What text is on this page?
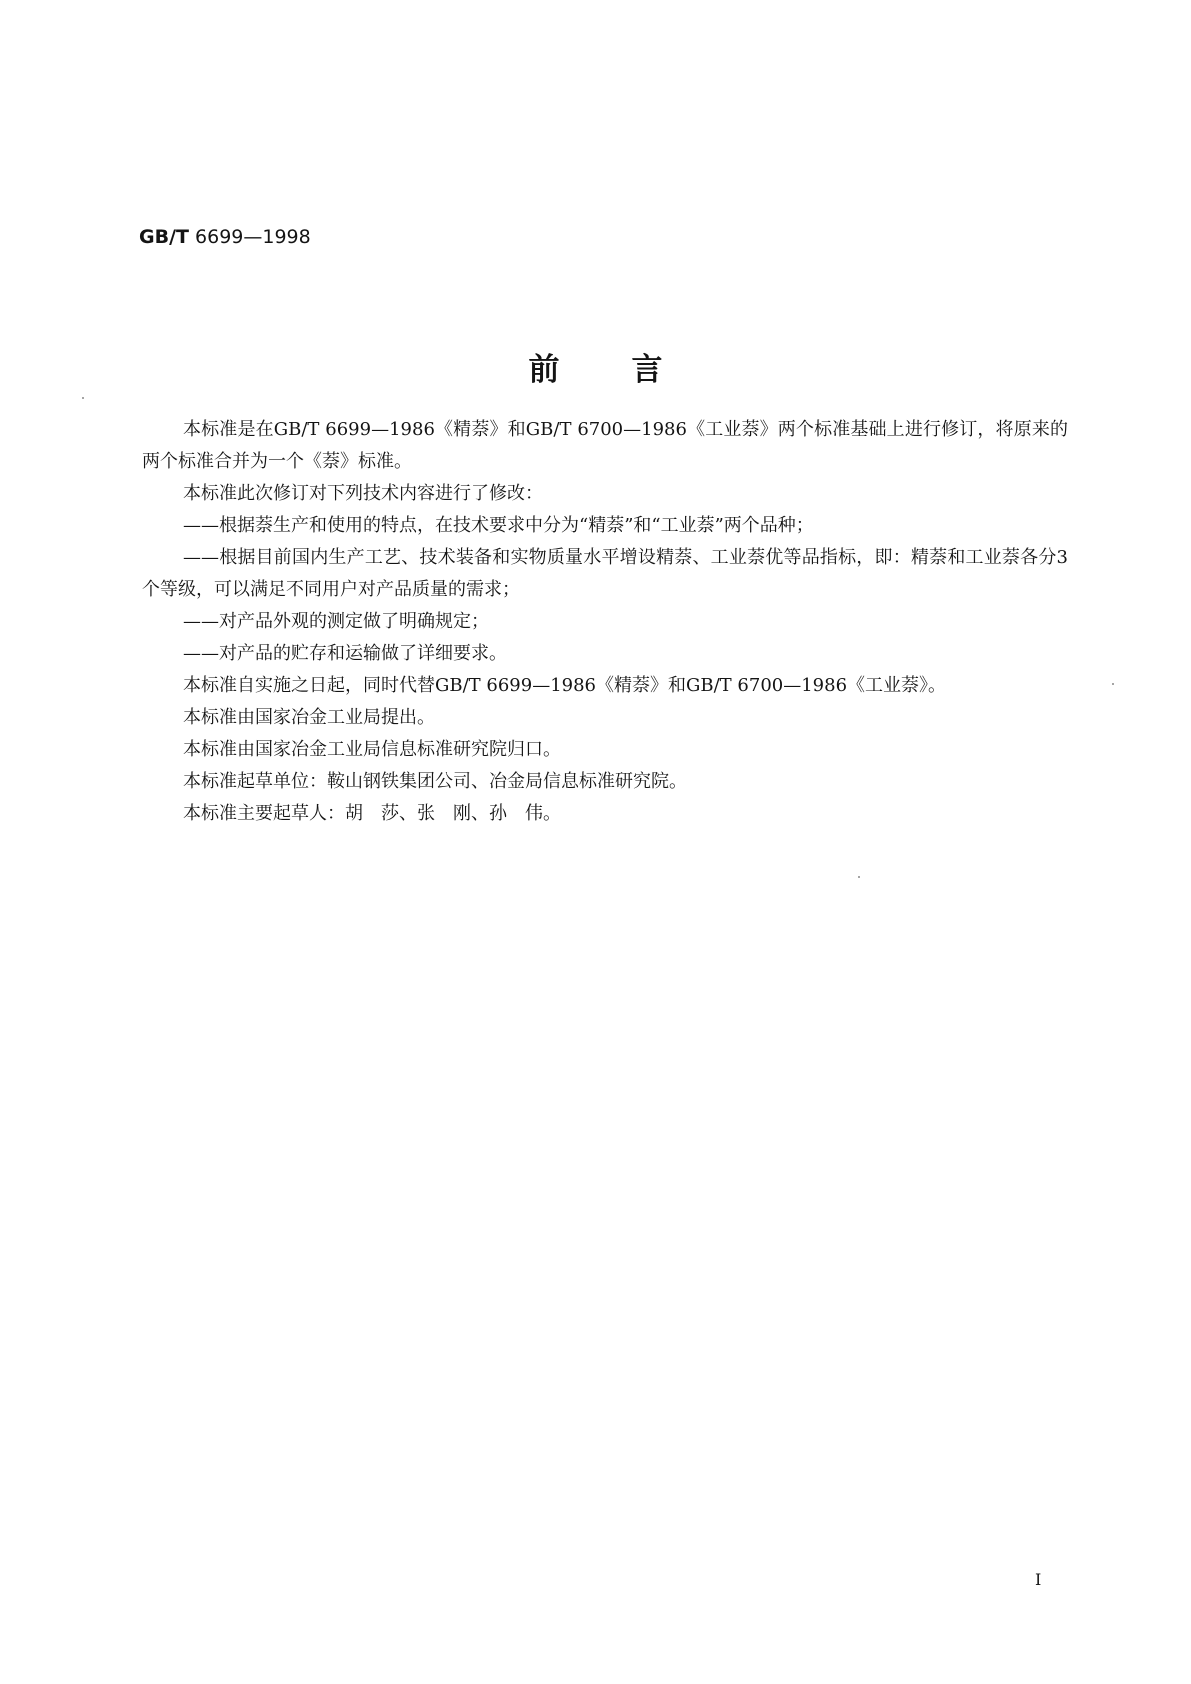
GB/T 6699—1998
前言

本标准是在GB/T 6699—1986《精萘》和GB/T 6700—1986《工业萘》两个标准基础上进行修订，将原来的两个标准合并为一个《萘》标准。

本标准此次修订对下列技术内容进行了修改：

——根据萘生产和使用的特点，在技术要求中分为“精萘”和“工业萘”两个品种；

——根据目前国内生产工艺、技术装备和实物质量水平增设精萘、工业萘优等品指标，即：精萘和工业萘各分3个等级，可以满足不同用户对产品质量的需求；

——对产品外观的测定做了明确规定；

——对产品的贮存和运输做了详细要求。

本标准自实施之日起，同时代替GB/T 6699—1986《精萘》和GB/T 6700—1986《工业萘》。

本标准由国家冶金工业局提出。

本标准由国家冶金工业局信息标准研究院归口。

本标准起草单位：鞍山钢铁集团公司、冶金局信息标准研究院。

本标准主要起草人：胡　莎、张　刚、孙　伟。

I
